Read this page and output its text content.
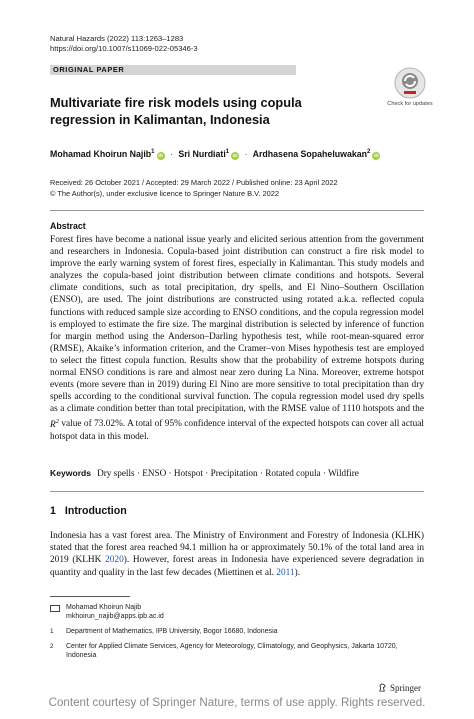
Natural Hazards (2022) 113:1263–1283
https://doi.org/10.1007/s11069-022-05346-3
ORIGINAL PAPER
Check for updates
Multivariate fire risk models using copula regression in Kalimantan, Indonesia
Mohamad Khoirun Najib$^1$iD · Sri Nurdiati$^1$iD · Ardhasena Sopaheluwakan$^2$iD
Received: 26 October 2021 / Accepted: 29 March 2022 / Published online: 23 April 2022
© The Author(s), under exclusive licence to Springer Nature B.V. 2022
Abstract
Forest fires have become a national issue yearly and elicited serious attention from the government and researchers in Indonesia. Copula-based joint distribution can construct a fire risk model to improve the early warning system of forest fires, especially in Kalimantan. This study models and analyzes the copula-based joint distribution between climate conditions and hotspots. Several climate conditions, such as total precipitation, dry spells, and El Nino–Southern Oscillation (ENSO), are used. The joint distributions are constructed using rotated a.k.a. reflected copula functions with reduced sample size according to ENSO conditions, and the copula regression model is employed to estimate the fire size. The marginal distribution is selected by inference of function for margin method using the Anderson–Darling hypothesis test, while root-mean-squared error (RMSE), Akaike’s information criterion, and the Cramer–von Mises hypothesis test are employed to select the fittest copula function. Results show that the probability of extreme hotspots during normal ENSO conditions is rare and almost near zero during La Nina. Moreover, extreme hotspot events (more severe than in 2019) during El Nino are more sensitive to total precipitation than dry spells according to the conditional survival function. The copula regression model used dry spells as a climate condition better than total precipitation, with the RMSE value of 1110 hotspots and the $R^2$ value of 73.02%. A total of 95% confidence interval of the expected hotspots can cover all actual hotspot data in this model.
Keywords Dry spells · ENSO · Hotspot · Precipitation · Rotated copula · Wildfire
1 Introduction
Indonesia has a vast forest area. The Ministry of Environment and Forestry of Indonesia (KLHK) stated that the forest area reached 94.1 million ha or approximately 50.1% of the total land area in 2019 (KLHK 2020). However, forest areas in Indonesia have experienced severe degradation in quantity and quality in the last few decades (Miettinen et al. 2011).
Mohamad Khoirun Najib
mkhoirun_najib@apps.ipb.ac.id
1 Department of Mathematics, IPB University, Bogor 16680, Indonesia
2 Center for Applied Climate Services, Agency for Meteorology, Climatology, and Geophysics, Jakarta 10720, Indonesia
Springer
Content courtesy of Springer Nature, terms of use apply. Rights reserved.
